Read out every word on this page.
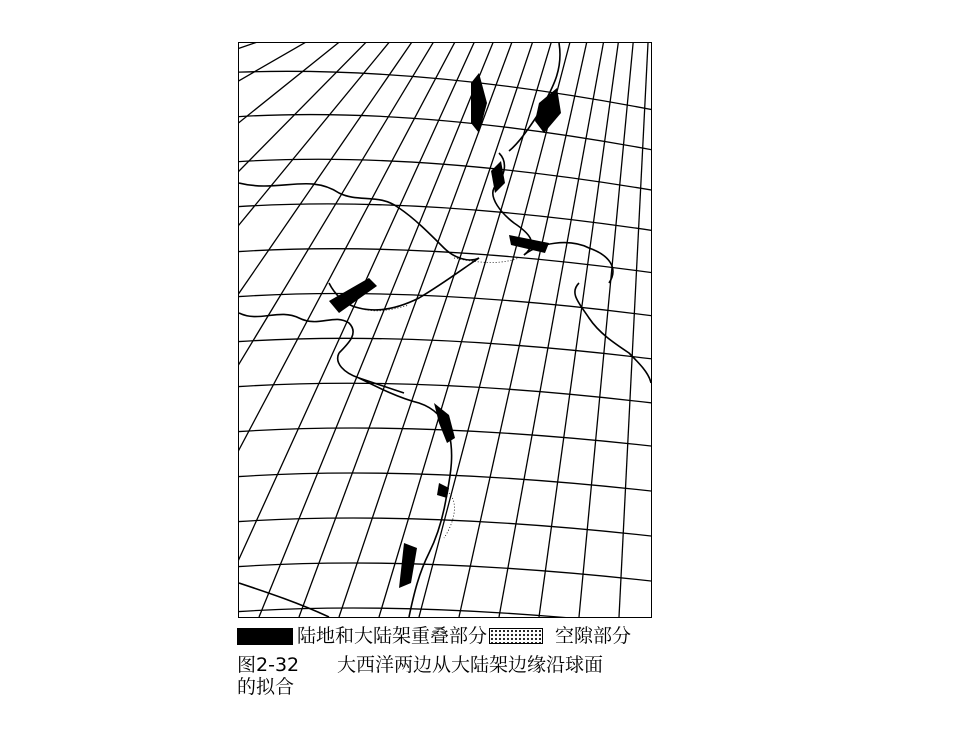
陆地和大陆架重叠部分	空隙部分
图2-32	大西洋两边从大陆架边缘沿球面
的拟合
